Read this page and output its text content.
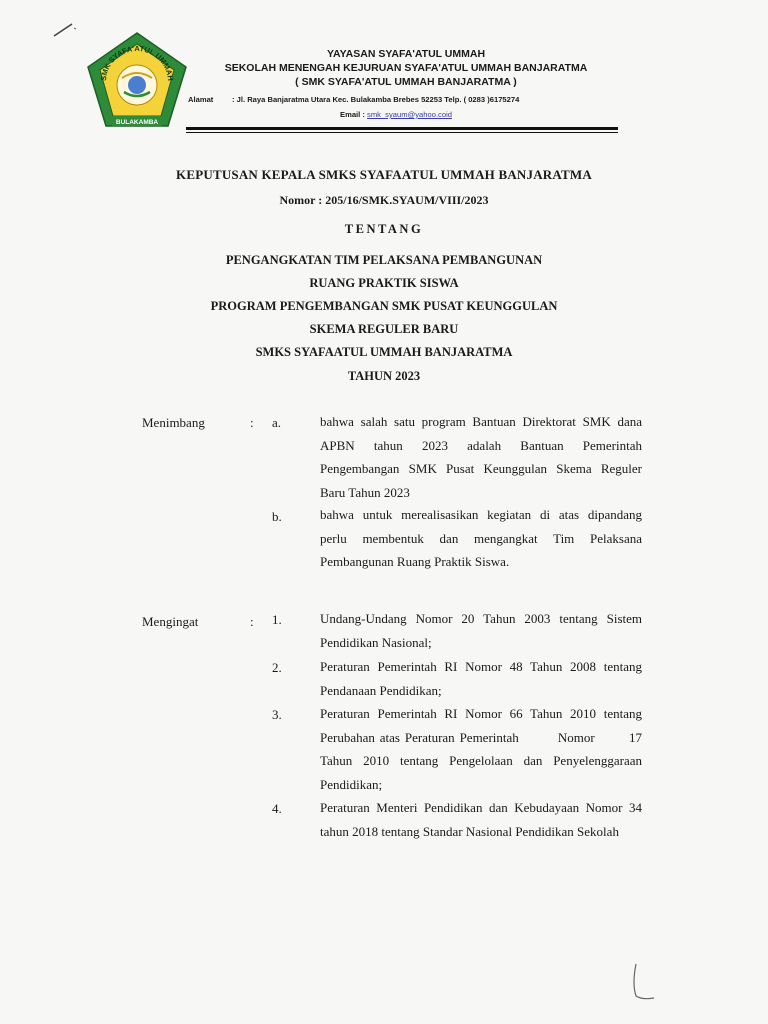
SMK SYAFA'ATUL UMMAH
BULAKAMBA
YAYASAN SYAFA'ATUL UMMAH
SEKOLAH MENENGAH KEJURUAN SYAFA'ATUL UMMAH BANJARATMA
( SMK SYAFA'ATUL UMMAH BANJARATMA )
Alamat : Jl. Raya Banjaratma Utara Kec. Bulakamba Brebes 52253 Telp. ( 0283 )6175274
Email : smk_syaum@yahoo.coid
KEPUTUSAN KEPALA SMKS SYAFAATUL UMMAH BANJARATMA
Nomor : 205/16/SMK.SYAUM/VIII/2023
TENTANG
PENGANGKATAN TIM PELAKSANA PEMBANGUNAN
RUANG PRAKTIK SISWA
PROGRAM PENGEMBANGAN SMK PUSAT KEUNGGULAN
SKEMA REGULER BARU
SMKS SYAFAATUL UMMAH BANJARATMA
TAHUN 2023
Menimbang	: a.	bahwa salah satu program Bantuan Direktorat SMK dana
APBN tahun 2023 adalah Bantuan Pemerintah
Pengembangan SMK Pusat Keunggulan Skema Reguler
Baru Tahun 2023
b.	bahwa untuk merealisasikan kegiatan di atas dipandang
perlu membentuk dan mengangkat Tim Pelaksana
Pembangunan Ruang Praktik Siswa.
Mengingat	: 1.	Undang-Undang Nomor 20 Tahun 2003 tentang Sistem
Pendidikan Nasional;
2.	Peraturan Pemerintah RI Nomor 48 Tahun 2008 tentang
Pendanaan Pendidikan;
3.	Peraturan Pemerintah RI Nomor 66 Tahun 2010 tentang
Perubahan atas Peraturan Pemerintah        Nomor       17
Tahun 2010 tentang Pengelolaan dan Penyelenggaraan
Pendidikan;
4.	Peraturan Menteri Pendidikan dan Kebudayaan Nomor 34
tahun 2018 tentang Standar Nasional Pendidikan Sekolah
